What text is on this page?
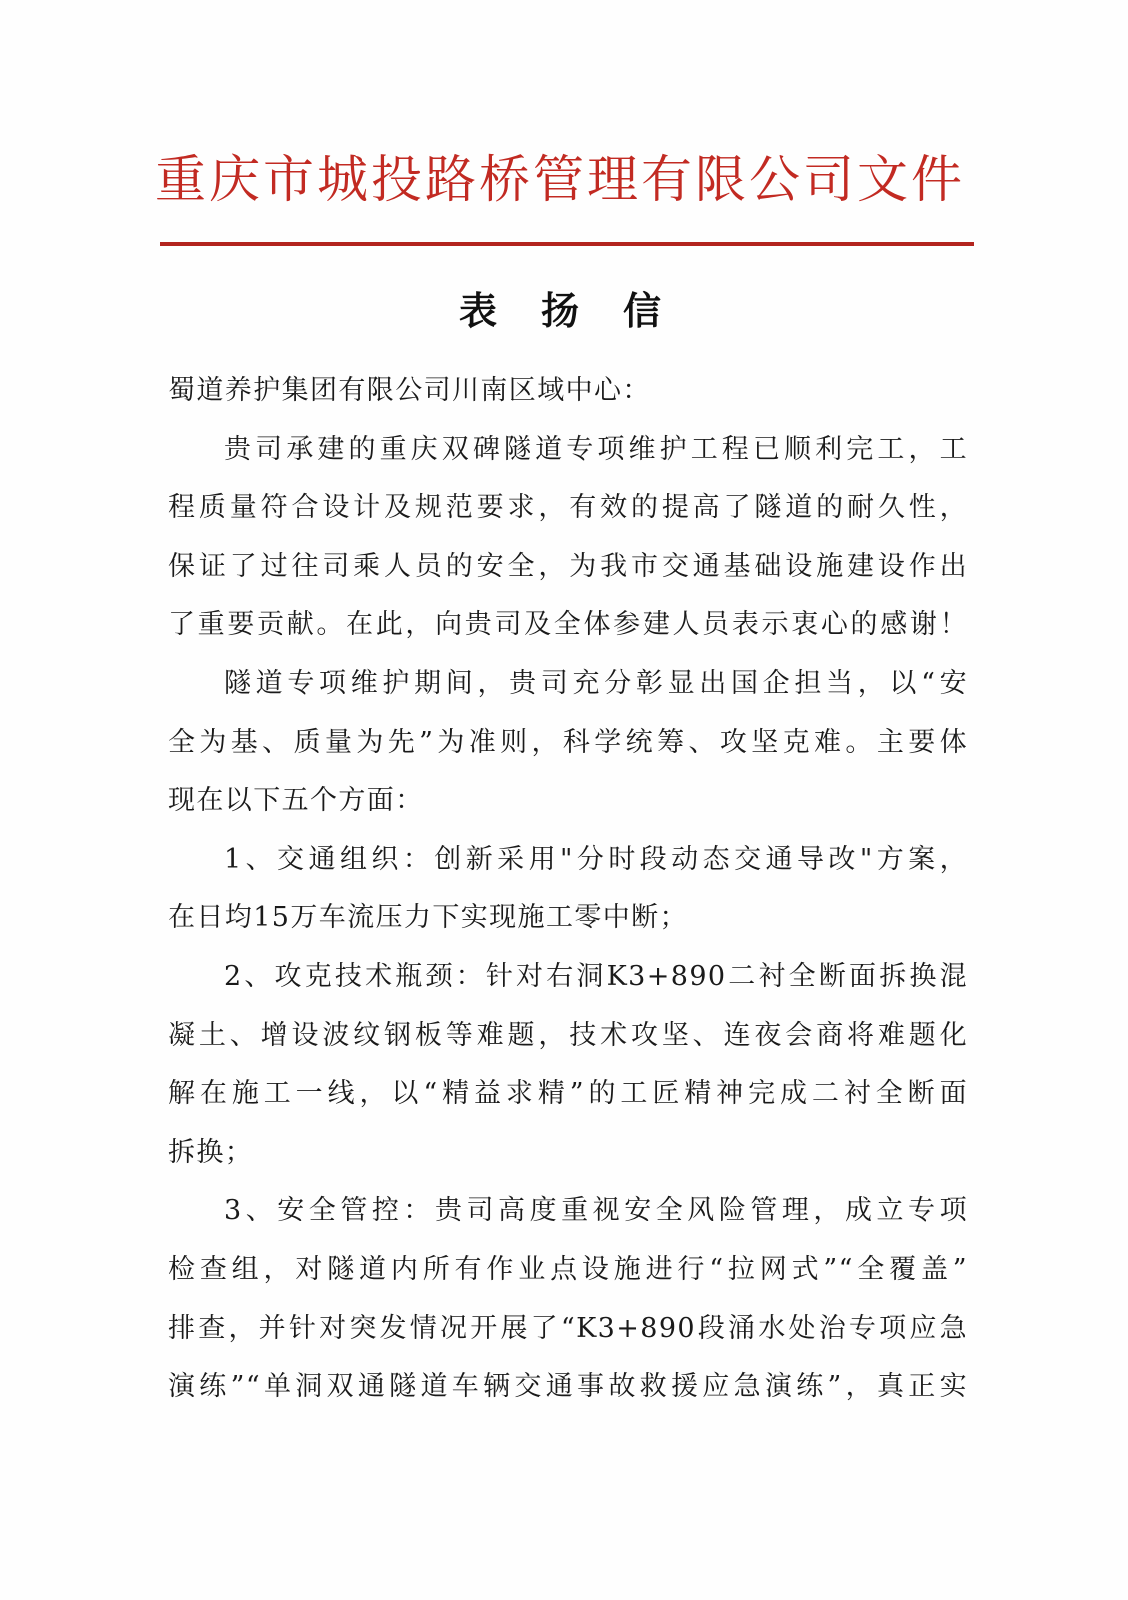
重庆市城投路桥管理有限公司文件
表扬信
蜀道养护集团有限公司川南区域中心：
贵司承建的重庆双碑隧道专项维护工程已顺利完工，工
程质量符合设计及规范要求，有效的提高了隧道的耐久性，
保证了过往司乘人员的安全，为我市交通基础设施建设作出
了重要贡献。在此，向贵司及全体参建人员表示衷心的感谢！
隧道专项维护期间，贵司充分彰显出国企担当，以“安
全为基、质量为先”为准则，科学统筹、攻坚克难。主要体
现在以下五个方面：
1、交通组织：创新采用"分时段动态交通导改"方案，
在日均15万车流压力下实现施工零中断；
2、攻克技术瓶颈：针对右洞K3+890二衬全断面拆换混
凝土、增设波纹钢板等难题，技术攻坚、连夜会商将难题化
解在施工一线，以“精益求精”的工匠精神完成二衬全断面
拆换；
3、安全管控：贵司高度重视安全风险管理，成立专项
检查组，对隧道内所有作业点设施进行“拉网式”“全覆盖”
排查，并针对突发情况开展了“K3+890段涌水处治专项应急
演练”“单洞双通隧道车辆交通事故救援应急演练”，真正实
